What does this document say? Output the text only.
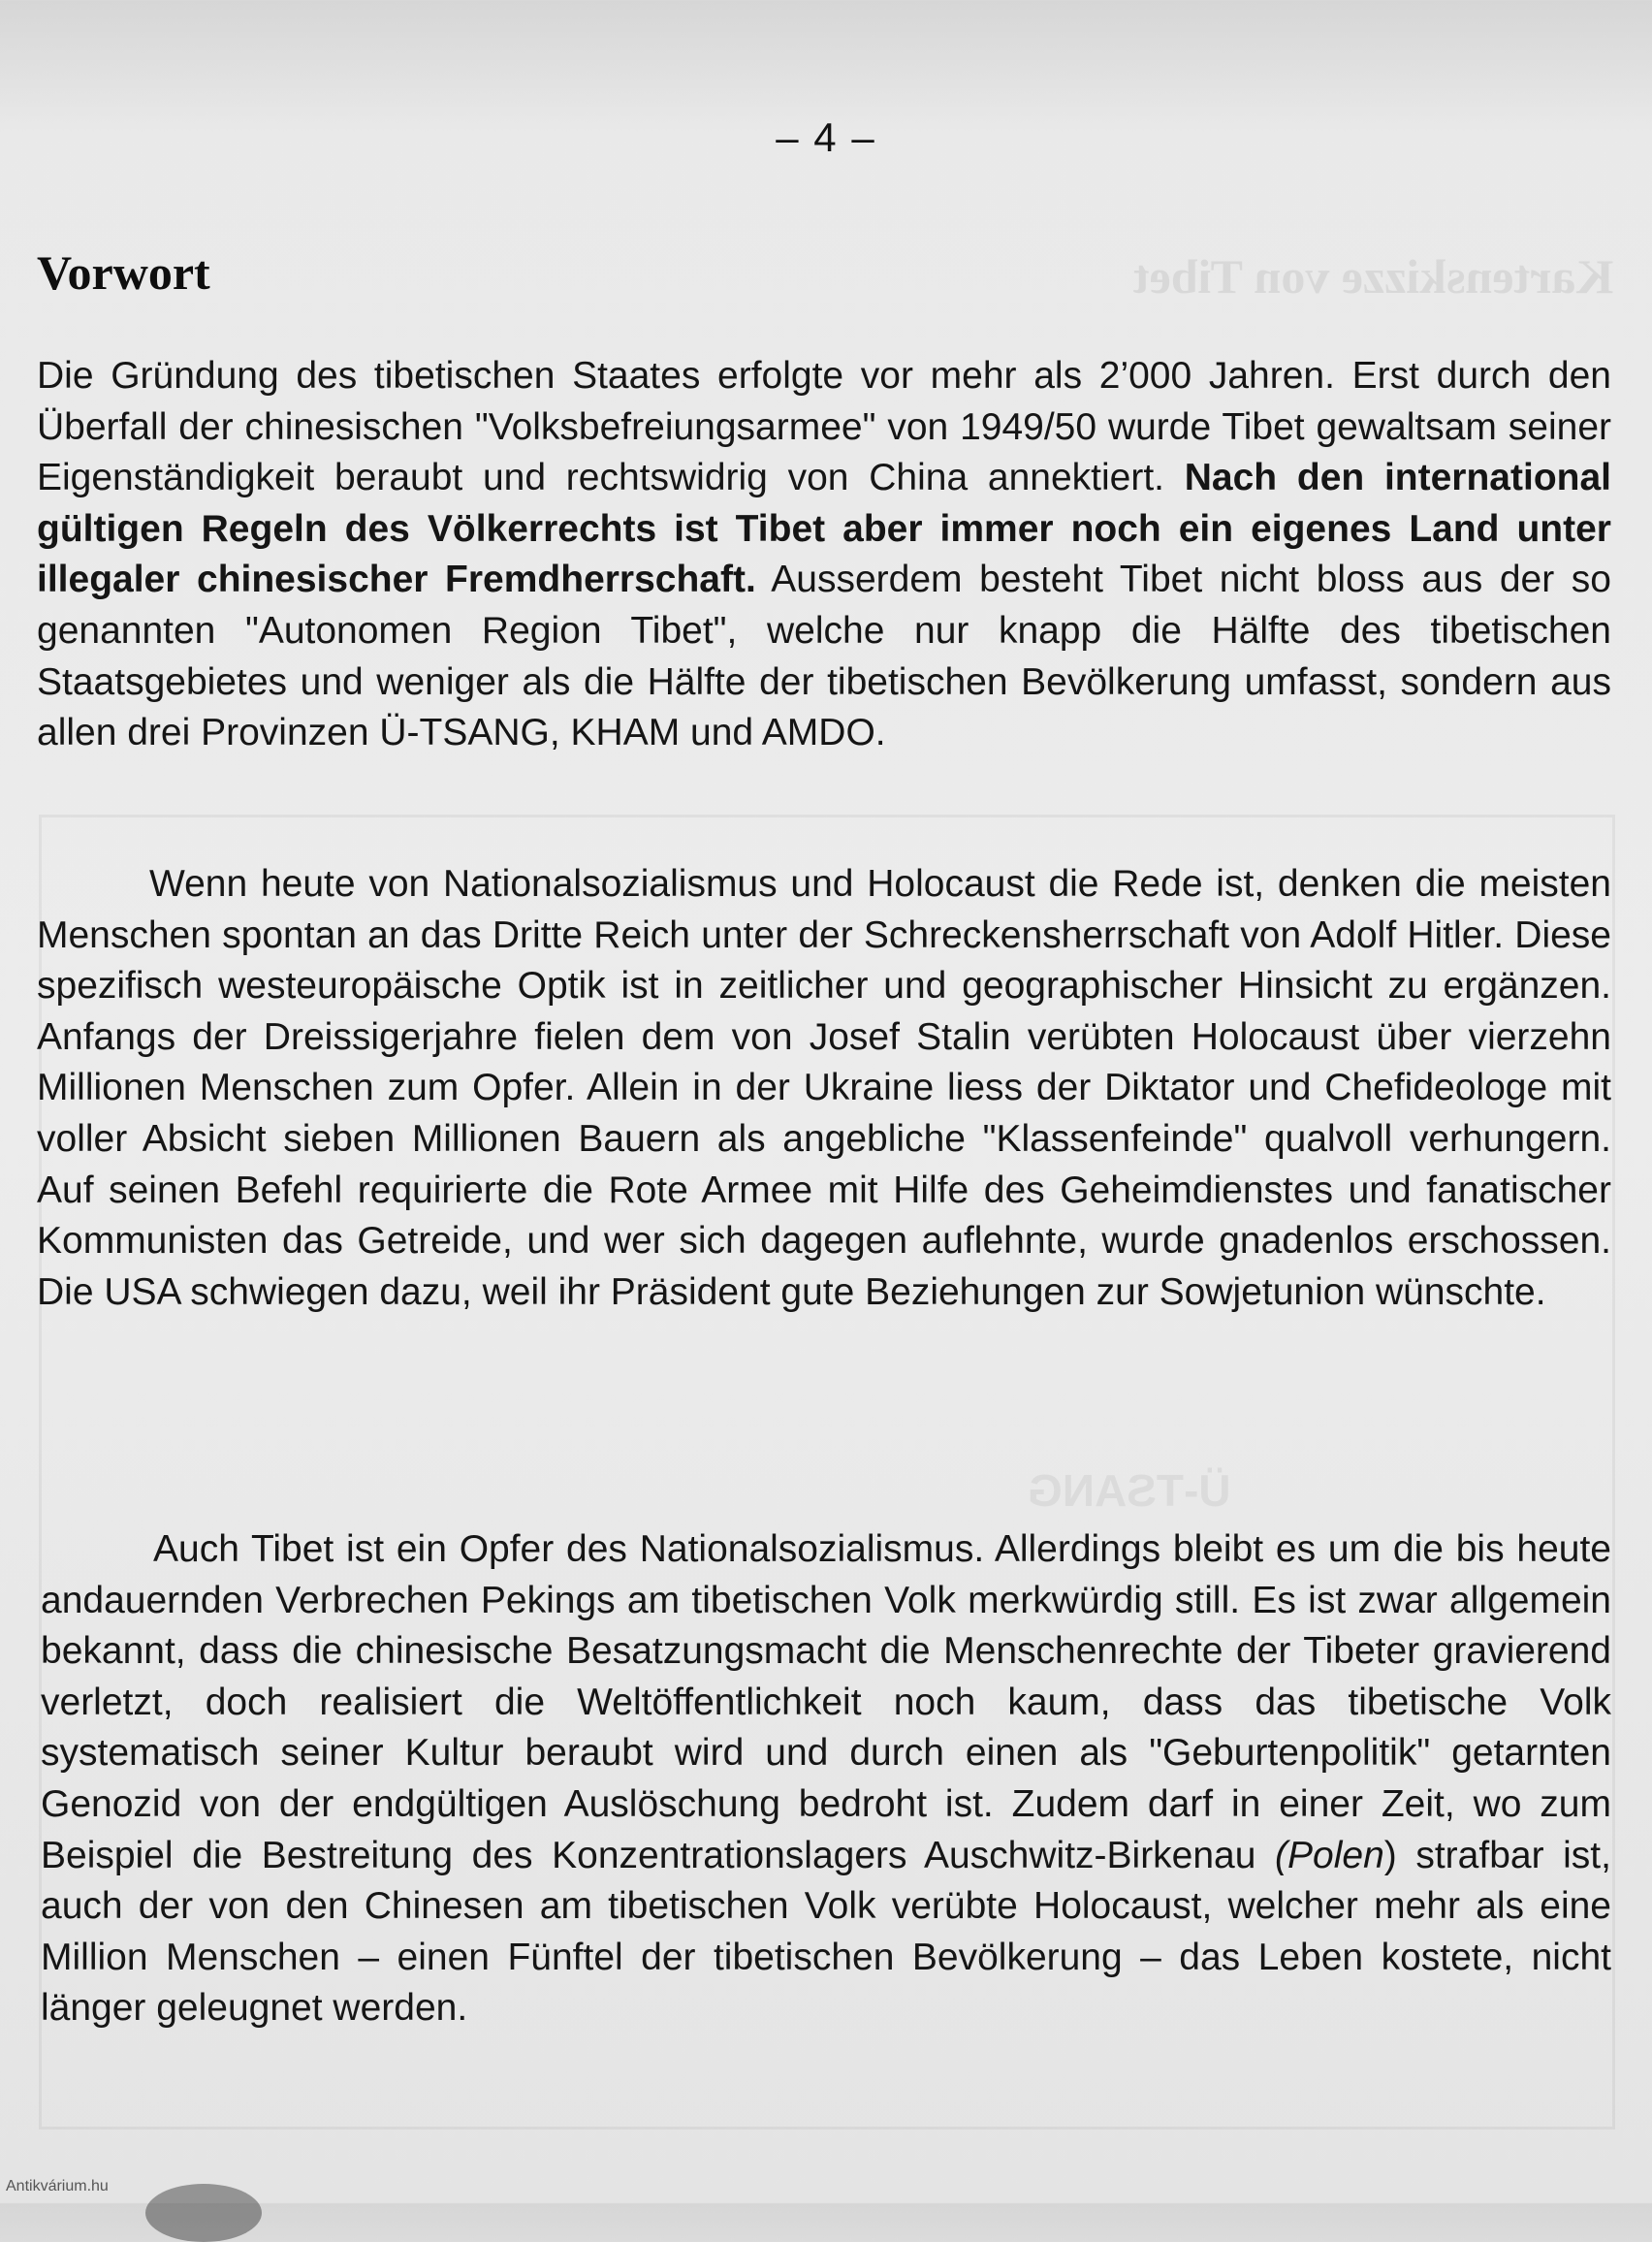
Kartenskizze von Tibet
Ü-TSANG
– 4 –
Vorwort

Die Gründung des tibetischen Staates erfolgte vor mehr als 2’000 Jahren. Erst durch den Überfall der chinesischen "Volksbefreiungsarmee" von 1949/50 wurde Tibet gewaltsam seiner Eigenständigkeit beraubt und rechtswidrig von China annektiert. Nach den international gültigen Regeln des Völkerrechts ist Tibet aber immer noch ein eigenes Land unter illegaler chinesischer Fremdherrschaft. Ausserdem besteht Tibet nicht bloss aus der so genannten "Autonomen Region Tibet", welche nur knapp die Hälfte des tibetischen Staatsgebietes und weniger als die Hälfte der tibetischen Bevölkerung umfasst, sondern aus allen drei Provinzen Ü-TSANG, KHAM und AMDO.

Wenn heute von Nationalsozialismus und Holocaust die Rede ist, denken die meisten Menschen spontan an das Dritte Reich unter der Schreckensherrschaft von Adolf Hitler. Diese spezifisch westeuropäische Optik ist in zeitlicher und geographischer Hinsicht zu ergänzen. Anfangs der Dreissigerjahre fielen dem von Josef Stalin verübten Holocaust über vierzehn Millionen Menschen zum Opfer. Allein in der Ukraine liess der Diktator und Chefideologe mit voller Absicht sieben Millionen Bauern als angebliche "Klassenfeinde" qualvoll verhungern. Auf seinen Befehl requirierte die Rote Armee mit Hilfe des Geheimdienstes und fanatischer Kommunisten das Getreide, und wer sich dagegen auflehnte, wurde gnadenlos erschossen. Die USA schwiegen dazu, weil ihr Präsident gute Beziehungen zur Sowjetunion wünschte.

Auch Tibet ist ein Opfer des Nationalsozialismus. Allerdings bleibt es um die bis heute andauernden Verbrechen Pekings am tibetischen Volk merkwürdig still. Es ist zwar allgemein bekannt, dass die chinesische Besatzungsmacht die Menschenrechte der Tibeter gravierend verletzt, doch realisiert die Weltöffentlichkeit noch kaum, dass das tibetische Volk systematisch seiner Kultur beraubt wird und durch einen als "Geburtenpolitik" getarnten Genozid von der endgültigen Auslöschung bedroht ist. Zudem darf in einer Zeit, wo zum Beispiel die Bestreitung des Konzentrationslagers Auschwitz-Birkenau (Polen) strafbar ist, auch der von den Chinesen am tibetischen Volk verübte Holocaust, welcher mehr als eine Million Menschen – einen Fünftel der tibetischen Bevölkerung – das Leben kostete, nicht länger geleugnet werden.

Antikvárium.hu
